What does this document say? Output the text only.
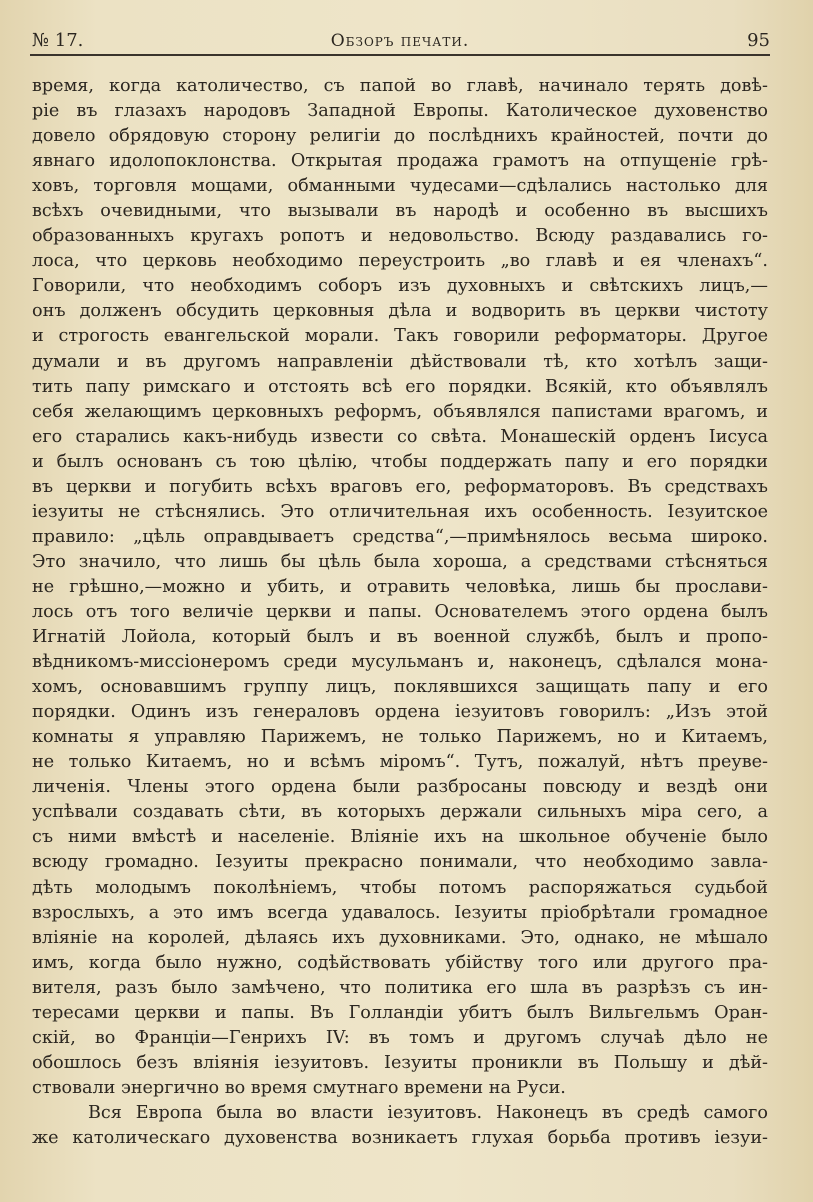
№ 17.	Обзоръ печати.	95
время, когда католичество, съ папой во главѣ, начинало терять довѣ-
ріе въ глазахъ народовъ Западной Европы. Католическое духовенство
довело обрядовую сторону религіи до послѣднихъ крайностей, почти до
явнаго идолопоклонства. Открытая продажа грамотъ на отпущеніе грѣ-
ховъ, торговля мощами, обманными чудесами—сдѣлались настолько для
всѣхъ очевидными, что вызывали въ народѣ и особенно въ высшихъ
образованныхъ кругахъ ропотъ и недовольство. Всюду раздавались го-
лоса, что церковь необходимо переустроить „во главѣ и ея членахъ“.
Говорили, что необходимъ соборъ изъ духовныхъ и свѣтскихъ лицъ,—
онъ долженъ обсудить церковныя дѣла и водворить въ церкви чистоту
и строгость евангельской морали. Такъ говорили реформаторы. Другое
думали и въ другомъ направленіи дѣйствовали тѣ, кто хотѣлъ защи-
тить папу римскаго и отстоять всѣ его порядки. Всякій, кто объявлялъ
себя желающимъ церковныхъ реформъ, объявлялся папистами врагомъ, и
его старались какъ-нибудь извести со свѣта. Монашескій орденъ Іисуса
и былъ основанъ съ тою цѣлію, чтобы поддержать папу и его порядки
въ церкви и погубить всѣхъ враговъ его, реформаторовъ. Въ средствахъ
іезуиты не стѣснялись. Это отличительная ихъ особенность. Іезуитское
правило: „цѣль оправдываетъ средства“,—примѣнялось весьма широко.
Это значило, что лишь бы цѣль была хороша, а средствами стѣсняться
не грѣшно,—можно и убить, и отравить человѣка, лишь бы прослави-
лось отъ того величіе церкви и папы. Основателемъ этого ордена былъ
Игнатій Лойола, который былъ и въ военной службѣ, былъ и пропо-
вѣдникомъ-миссіонеромъ среди мусульманъ и, наконецъ, сдѣлался мона-
хомъ, основавшимъ группу лицъ, поклявшихся защищать папу и его
порядки. Одинъ изъ генераловъ ордена іезуитовъ говорилъ: „Изъ этой
комнаты я управляю Парижемъ, не только Парижемъ, но и Китаемъ,
не только Китаемъ, но и всѣмъ міромъ“. Тутъ, пожалуй, нѣтъ преуве-
личенія. Члены этого ордена были разбросаны повсюду и вездѣ они
успѣвали создавать сѣти, въ которыхъ держали сильныхъ міра сего, а
съ ними вмѣстѣ и населеніе. Вліяніе ихъ на школьное обученіе было
всюду громадно. Іезуиты прекрасно понимали, что необходимо завла-
дѣть молодымъ поколѣніемъ, чтобы потомъ распоряжаться судьбой
взрослыхъ, а это имъ всегда удавалось. Іезуиты пріобрѣтали громадное
вліяніе на королей, дѣлаясь ихъ духовниками. Это, однако, не мѣшало
имъ, когда было нужно, содѣйствовать убійству того или другого пра-
вителя, разъ было замѣчено, что политика его шла въ разрѣзъ съ ин-
тересами церкви и папы. Въ Голландіи убитъ былъ Вильгельмъ Оран-
скій, во Франціи—Генрихъ IV: въ томъ и другомъ случаѣ дѣло не
обошлось безъ вліянія іезуитовъ. Іезуиты проникли въ Польшу и дѣй-
ствовали энергично во время смутнаго времени на Руси.
Вся Европа была во власти іезуитовъ. Наконецъ въ средѣ самого
же католическаго духовенства возникаетъ глухая борьба противъ іезуи-
